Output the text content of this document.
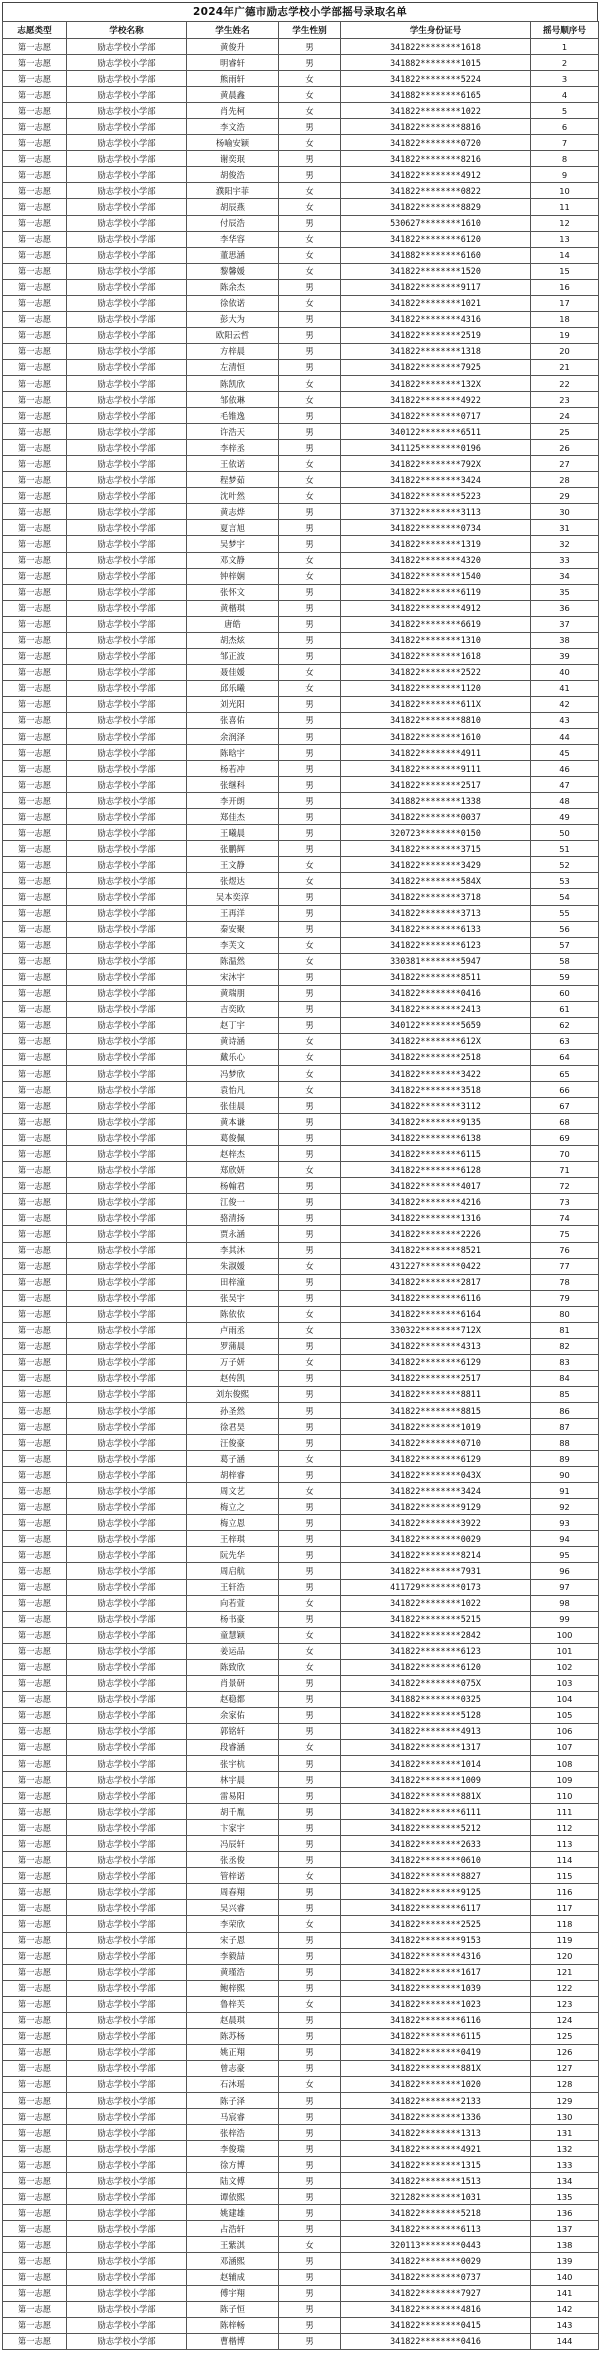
2024年广德市励志学校小学部摇号录取名单
志愿类型	学校名称	学生姓名	学生性别	学生身份证号	摇号顺序号
第一志愿	励志学校小学部	黄俊升	男	341822********1618	1
第一志愿	励志学校小学部	明睿轩	男	341882********1015	2
第一志愿	励志学校小学部	熊雨轩	女	341822********5224	3
第一志愿	励志学校小学部	黄晨鑫	女	341882********6165	4
第一志愿	励志学校小学部	肖先柯	女	341822********1022	5
第一志愿	励志学校小学部	李文浩	男	341822********8816	6
第一志愿	励志学校小学部	杨喻安颖	女	341822********0720	7
第一志愿	励志学校小学部	谢奕珉	男	341822********8216	8
第一志愿	励志学校小学部	胡俊浩	男	341822********4912	9
第一志愿	励志学校小学部	濮阳宇菲	女	341822********0822	10
第一志愿	励志学校小学部	胡辰燕	女	341822********8829	11
第一志愿	励志学校小学部	付辰浩	男	530627********1610	12
第一志愿	励志学校小学部	李华容	女	341822********6120	13
第一志愿	励志学校小学部	董思涵	女	341882********6160	14
第一志愿	励志学校小学部	黎馨媛	女	341822********1520	15
第一志愿	励志学校小学部	陈余杰	男	341822********9117	16
第一志愿	励志学校小学部	徐依诺	女	341822********1021	17
第一志愿	励志学校小学部	彭大为	男	341822********4316	18
第一志愿	励志学校小学部	欧阳云哲	男	341822********2519	19
第一志愿	励志学校小学部	方梓晨	男	341822********1318	20
第一志愿	励志学校小学部	左清恒	男	341822********7925	21
第一志愿	励志学校小学部	陈凯欣	女	341822********132X	22
第一志愿	励志学校小学部	邹依琳	女	341822********4922	23
第一志愿	励志学校小学部	毛锥逸	男	341822********0717	24
第一志愿	励志学校小学部	许浩天	男	340122********6511	25
第一志愿	励志学校小学部	李梓丞	男	341125********0196	26
第一志愿	励志学校小学部	王依诺	女	341822********792X	27
第一志愿	励志学校小学部	程梦茹	女	341822********3424	28
第一志愿	励志学校小学部	沈叶然	女	341822********5223	29
第一志愿	励志学校小学部	黄志烨	男	371322********3113	30
第一志愿	励志学校小学部	夏言旭	男	341822********0734	31
第一志愿	励志学校小学部	吴梦宇	男	341822********1319	32
第一志愿	励志学校小学部	邓文静	女	341822********4320	33
第一志愿	励志学校小学部	钟梓娴	女	341822********1540	34
第一志愿	励志学校小学部	张怀文	男	341822********6119	35
第一志愿	励志学校小学部	黄楷琪	男	341822********4912	36
第一志愿	励志学校小学部	唐皓	男	341822********6619	37
第一志愿	励志学校小学部	胡杰炫	男	341822********1310	38
第一志愿	励志学校小学部	邹正波	男	341822********1618	39
第一志愿	励志学校小学部	聂佳媛	女	341822********2522	40
第一志愿	励志学校小学部	邱乐曦	女	341822********1120	41
第一志愿	励志学校小学部	刘光阳	男	341822********611X	42
第一志愿	励志学校小学部	张喜佑	男	341822********8810	43
第一志愿	励志学校小学部	余润泽	男	341822********1610	44
第一志愿	励志学校小学部	陈晗宇	男	341822********4911	45
第一志愿	励志学校小学部	杨若冲	男	341822********9111	46
第一志愿	励志学校小学部	张继科	男	341822********2517	47
第一志愿	励志学校小学部	李开朗	男	341882********1338	48
第一志愿	励志学校小学部	郑佳杰	男	341822********0037	49
第一志愿	励志学校小学部	王曦晨	男	320723********0150	50
第一志愿	励志学校小学部	张鹏辉	男	341822********3715	51
第一志愿	励志学校小学部	王文静	女	341822********3429	52
第一志愿	励志学校小学部	张煜达	女	341822********584X	53
第一志愿	励志学校小学部	吴本奕淳	男	341822********3718	54
第一志愿	励志学校小学部	王再洋	男	341822********3713	55
第一志愿	励志学校小学部	秦安聚	男	341822********6133	56
第一志愿	励志学校小学部	李芙文	女	341822********6123	57
第一志愿	励志学校小学部	陈温然	女	330381********5947	58
第一志愿	励志学校小学部	宋沐宇	男	341822********8511	59
第一志愿	励志学校小学部	黄瑞朋	男	341822********0416	60
第一志愿	励志学校小学部	吉奕欧	男	341822********2413	61
第一志愿	励志学校小学部	赵丁宇	男	340122********5659	62
第一志愿	励志学校小学部	黄诗涵	女	341822********612X	63
第一志愿	励志学校小学部	戴乐心	女	341822********2518	64
第一志愿	励志学校小学部	冯梦欣	女	341822********3422	65
第一志愿	励志学校小学部	袁怡凡	女	341822********3518	66
第一志愿	励志学校小学部	张佳晨	男	341822********3112	67
第一志愿	励志学校小学部	黄本谦	男	341822********9135	68
第一志愿	励志学校小学部	葛俊佩	男	341822********6138	69
第一志愿	励志学校小学部	赵梓杰	男	341822********6115	70
第一志愿	励志学校小学部	郑欣妍	女	341822********6128	71
第一志愿	励志学校小学部	杨翰君	男	341822********4017	72
第一志愿	励志学校小学部	江俊一	男	341822********4216	73
第一志愿	励志学校小学部	骆清扬	男	341822********1316	74
第一志愿	励志学校小学部	贾永涵	男	341822********2226	75
第一志愿	励志学校小学部	李其沐	男	341822********8521	76
第一志愿	励志学校小学部	朱淑媛	女	431227********0422	77
第一志愿	励志学校小学部	田梓潼	男	341822********2817	78
第一志愿	励志学校小学部	张吴宇	男	341822********6116	79
第一志愿	励志学校小学部	陈依依	女	341822********6164	80
第一志愿	励志学校小学部	卢雨丞	女	330322********712X	81
第一志愿	励志学校小学部	罗蒲晨	男	341822********4313	82
第一志愿	励志学校小学部	万子妍	女	341822********6129	83
第一志愿	励志学校小学部	赵传凯	男	341822********2517	84
第一志愿	励志学校小学部	刘东俊熙	男	341822********8811	85
第一志愿	励志学校小学部	孙圣然	男	341822********8815	86
第一志愿	励志学校小学部	徐君昊	男	341822********1019	87
第一志愿	励志学校小学部	汪俊豪	男	341822********0710	88
第一志愿	励志学校小学部	葛子涵	女	341822********6129	89
第一志愿	励志学校小学部	胡梓睿	男	341822********043X	90
第一志愿	励志学校小学部	周文艺	女	341822********3424	91
第一志愿	励志学校小学部	梅立之	男	341822********9129	92
第一志愿	励志学校小学部	梅立恩	男	341822********3922	93
第一志愿	励志学校小学部	王梓琪	男	341822********0029	94
第一志愿	励志学校小学部	阮先华	男	341822********8214	95
第一志愿	励志学校小学部	周启航	男	341822********7931	96
第一志愿	励志学校小学部	王轩浩	男	411729********0173	97
第一志愿	励志学校小学部	向若萱	女	341822********1022	98
第一志愿	励志学校小学部	杨书豪	男	341822********5215	99
第一志愿	励志学校小学部	童慧颖	女	341822********2842	100
第一志愿	励志学校小学部	姜运品	女	341822********6123	101
第一志愿	励志学校小学部	陈致欣	女	341822********6120	102
第一志愿	励志学校小学部	肖景研	男	341822********075X	103
第一志愿	励志学校小学部	赵稳都	男	341882********0325	104
第一志愿	励志学校小学部	余家佑	男	341822********5128	105
第一志愿	励志学校小学部	郭铭轩	男	341822********4913	106
第一志愿	励志学校小学部	段睿涵	女	341822********1317	107
第一志愿	励志学校小学部	张宇杭	男	341822********1014	108
第一志愿	励志学校小学部	林宇晨	男	341822********1009	109
第一志愿	励志学校小学部	雷易阳	男	341822********881X	110
第一志愿	励志学校小学部	胡千胤	男	341822********6111	111
第一志愿	励志学校小学部	卞家宇	男	341822********5212	112
第一志愿	励志学校小学部	冯辰轩	男	341822********2633	113
第一志愿	励志学校小学部	张丞俊	男	341822********0610	114
第一志愿	励志学校小学部	管梓诺	女	341822********8827	115
第一志愿	励志学校小学部	周春翔	男	341822********9125	116
第一志愿	励志学校小学部	吴兴睿	男	341822********6117	117
第一志愿	励志学校小学部	李荣欣	女	341822********2525	118
第一志愿	励志学校小学部	宋子恩	男	341822********9153	119
第一志愿	励志学校小学部	李毅喆	男	341822********4316	120
第一志愿	励志学校小学部	黄瑾浩	男	341822********1617	121
第一志愿	励志学校小学部	鲍梓熙	男	341822********1039	122
第一志愿	励志学校小学部	鲁梓芙	女	341822********1023	123
第一志愿	励志学校小学部	赵晨琪	男	341822********6116	124
第一志愿	励志学校小学部	陈苏杨	男	341822********6115	125
第一志愿	励志学校小学部	姚正翔	男	341822********0419	126
第一志愿	励志学校小学部	曾志豪	男	341822********881X	127
第一志愿	励志学校小学部	石沐瑶	女	341822********1020	128
第一志愿	励志学校小学部	陈子泽	男	341822********2133	129
第一志愿	励志学校小学部	马宸睿	男	341822********1336	130
第一志愿	励志学校小学部	张梓浩	男	341822********1313	131
第一志愿	励志学校小学部	李俊瑞	男	341822********4921	132
第一志愿	励志学校小学部	徐方博	男	341822********1315	133
第一志愿	励志学校小学部	陆文傅	男	341822********1513	134
第一志愿	励志学校小学部	谭依熙	男	321282********1031	135
第一志愿	励志学校小学部	姚建雄	男	341822********5218	136
第一志愿	励志学校小学部	占浩轩	男	341822********6113	137
第一志愿	励志学校小学部	王紫淇	女	320113********0443	138
第一志愿	励志学校小学部	邓涵熙	男	341822********0029	139
第一志愿	励志学校小学部	赵辅成	男	341822********0737	140
第一志愿	励志学校小学部	傅宇翔	男	341822********7927	141
第一志愿	励志学校小学部	陈子恒	男	341822********4816	142
第一志愿	励志学校小学部	陈梓畅	男	341822********0415	143
第一志愿	励志学校小学部	曹楷博	男	341822********0416	144
